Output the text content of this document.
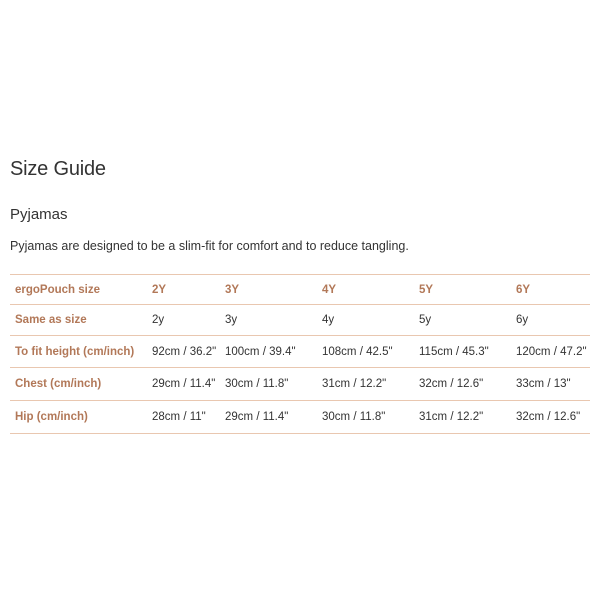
Size Guide
Pyjamas

Pyjamas are designed to be a slim-fit for comfort and to reduce tangling.

ergoPouch size	2Y	3Y	4Y	5Y	6Y
Same as size	2y	3y	4y	5y	6y
To fit height (cm/inch)	92cm / 36.2"	100cm / 39.4"	108cm / 42.5"	115cm / 45.3"	120cm / 47.2"
Chest (cm/inch)	29cm / 11.4"	30cm / 11.8"	31cm / 12.2"	32cm / 12.6"	33cm / 13"
Hip (cm/inch)	28cm / 11"	29cm / 11.4"	30cm / 11.8"	31cm / 12.2"	32cm / 12.6"
